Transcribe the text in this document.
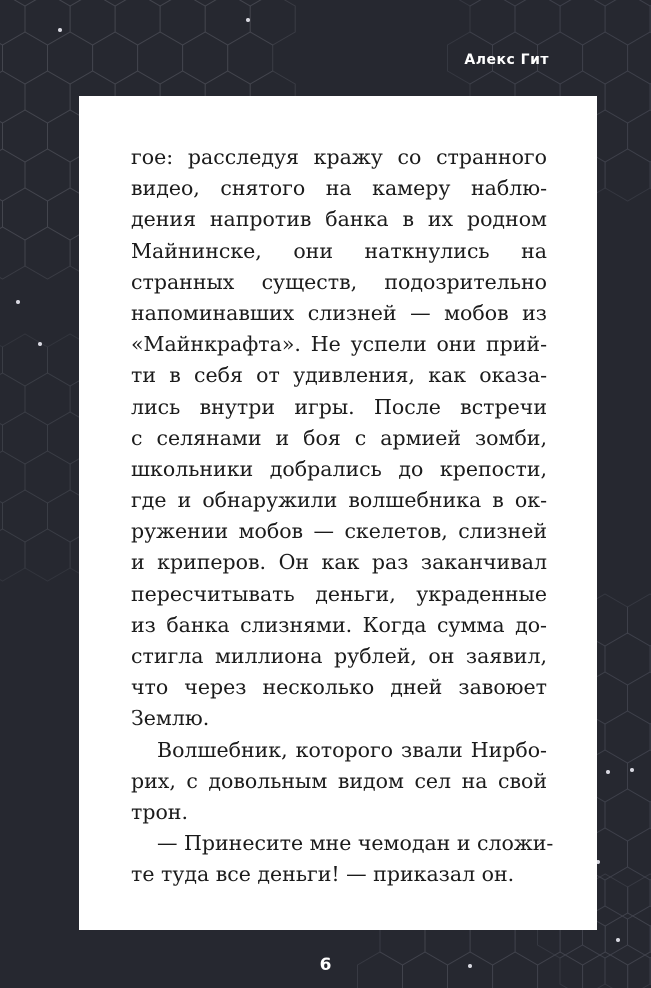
Алекс Гит
гое: расследуя кражу со странного
видео, снятого на камеру наблю-
дения напротив банка в их родном
Майнинске, они наткнулись на
странных существ, подозрительно
напоминавших слизней — мобов из
«Майнкрафта». Не успели они прий-
ти в себя от удивления, как оказа-
лись внутри игры. После встречи
с селянами и боя с армией зомби,
школьники добрались до крепости,
где и обнаружили волшебника в ок-
ружении мобов — скелетов, слизней
и криперов. Он как раз заканчивал
пересчитывать деньги, украденные
из банка слизнями. Когда сумма до-
стигла миллиона рублей, он заявил,
что через несколько дней завоюет
Землю.
Волшебник, которого звали Нирбо-
рих, с довольным видом сел на свой
трон.
— Принесите мне чемодан и сложи-
те туда все деньги! — приказал он.
6
